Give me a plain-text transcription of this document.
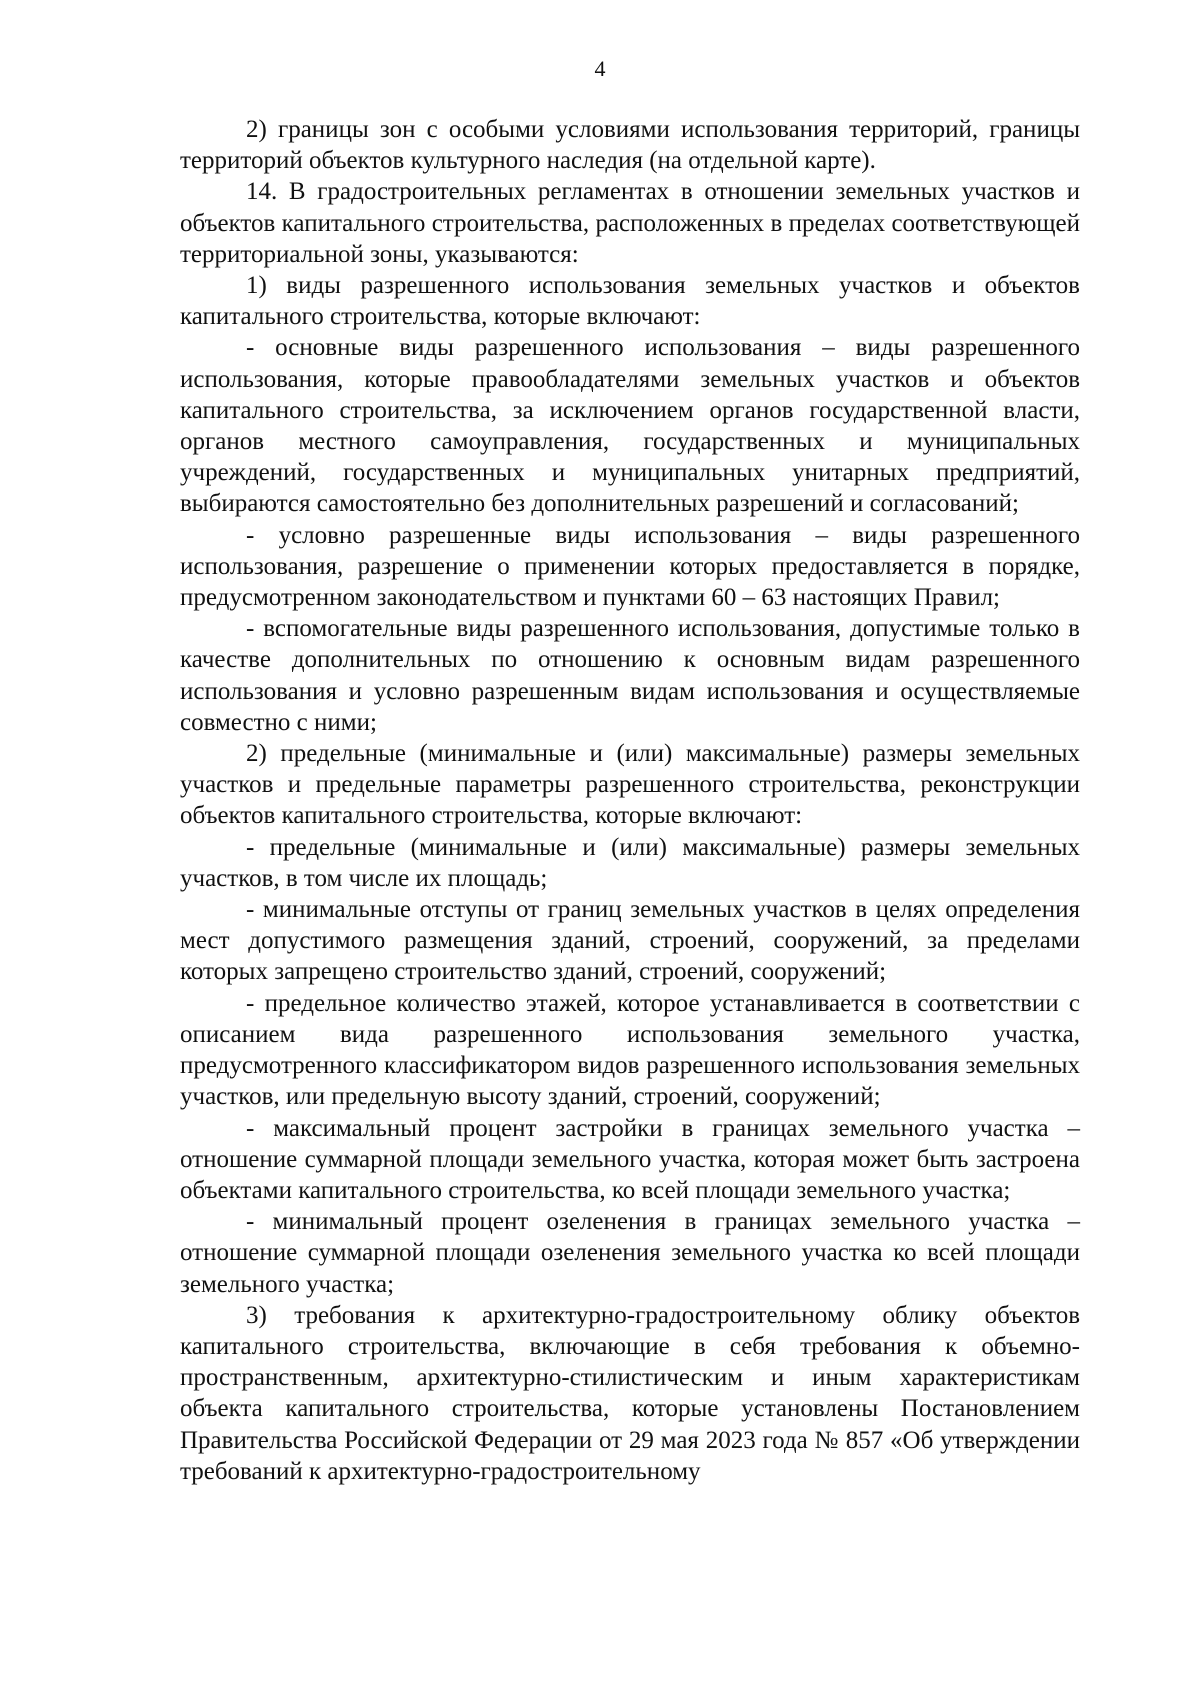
4

2) границы зон с особыми условиями использования территорий, границы территорий объектов культурного наследия (на отдельной карте).

14. В градостроительных регламентах в отношении земельных участков и объектов капитального строительства, расположенных в пределах соответствующей территориальной зоны, указываются:

1) виды разрешенного использования земельных участков и объектов капитального строительства, которые включают:

- основные виды разрешенного использования – виды разрешенного использования, которые правообладателями земельных участков и объектов капитального строительства, за исключением органов государственной власти, органов местного самоуправления, государственных и муниципальных учреждений, государственных и муниципальных унитарных предприятий, выбираются самостоятельно без дополнительных разрешений и согласований;

- условно разрешенные виды использования – виды разрешенного использования, разрешение о применении которых предоставляется в порядке, предусмотренном законодательством и пунктами 60 – 63 настоящих Правил;

- вспомогательные виды разрешенного использования, допустимые только в качестве дополнительных по отношению к основным видам разрешенного использования и условно разрешенным видам использования и осуществляемые совместно с ними;

2) предельные (минимальные и (или) максимальные) размеры земельных участков и предельные параметры разрешенного строительства, реконструкции объектов капитального строительства, которые включают:

- предельные (минимальные и (или) максимальные) размеры земельных участков, в том числе их площадь;

- минимальные отступы от границ земельных участков в целях определения мест допустимого размещения зданий, строений, сооружений, за пределами которых запрещено строительство зданий, строений, сооружений;

- предельное количество этажей, которое устанавливается в соответствии с описанием вида разрешенного использования земельного участка, предусмотренного классификатором видов разрешенного использования земельных участков, или предельную высоту зданий, строений, сооружений;

- максимальный процент застройки в границах земельного участка – отношение суммарной площади земельного участка, которая может быть застроена объектами капитального строительства, ко всей площади земельного участка;

- минимальный процент озеленения в границах земельного участка – отношение суммарной площади озеленения земельного участка ко всей площади земельного участка;

3) требования к архитектурно-градостроительному облику объектов капитального строительства, включающие в себя требования к объемно-пространственным, архитектурно-стилистическим и иным характеристикам объекта капитального строительства, которые установлены Постановлением Правительства Российской Федерации от 29 мая 2023 года № 857 «Об утверждении требований к архитектурно-градостроительному
